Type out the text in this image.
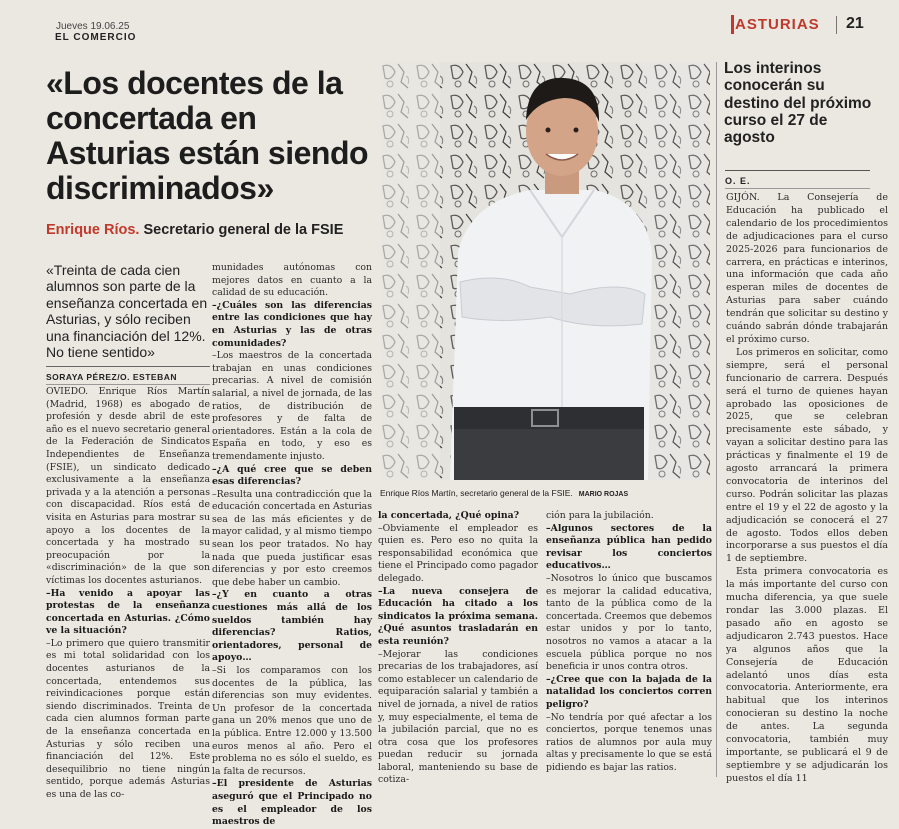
Jueves 19.06.25
EL COMERCIO
ASTURIAS 21
«Los docentes de la concertada en Asturias están siendo discriminados»
Enrique Ríos. Secretario general de la FSIE
«Treinta de cada cien alumnos son parte de la enseñanza concertada en Asturias, y sólo reciben una financiación del 12%. No tiene sentido»
SORAYA PÉREZ/O. ESTEBAN

OVIEDO. Enrique Ríos Martín (Madrid, 1968) es abogado de profesión y desde abril de este año es el nuevo secretario general de la Federación de Sindicatos Independientes de Enseñanza (FSIE), un sindicato dedicado exclusivamente a la enseñanza privada y a la atención a personas con discapacidad. Ríos está de visita en Asturias para mostrar su apoyo a los docentes de la concertada y ha mostrado su preocupación por la «discriminación» de la que son víctimas los docentes asturianos.

–Ha venido a apoyar las protestas de la enseñanza concertada en Asturias. ¿Cómo ve la situación?

–Lo primero que quiero transmitir es mi total solidaridad con los docentes asturianos de la concertada, entendemos sus reivindicaciones porque están siendo discriminados. Treinta de cada cien alumnos forman parte de la enseñanza concertada en Asturias y sólo reciben una financiación del 12%. Este desequilibrio no tiene ningún sentido, porque además Asturias es una de las co-

munidades autónomas con mejores datos en cuanto a la calidad de su educación.

–¿Cuáles son las diferencias entre las condiciones que hay en Asturias y las de otras comunidades?

–Los maestros de la concertada trabajan en unas condiciones precarias. A nivel de comisión salarial, a nivel de jornada, de las ratios, de distribución de profesores y de falta de orientadores. Están a la cola de España en todo, y eso es tremendamente injusto.

–¿A qué cree que se deben esas diferencias?

–Resulta una contradicción que la educación concertada en Asturias sea de las más eficientes y de mayor calidad, y al mismo tiempo sean los peor tratados. No hay nada que pueda justificar esas diferencias y por esto creemos que debe haber un cambio.

–¿Y en cuanto a otras cuestiones más allá de los sueldos también hay diferencias? Ratios, orientadores, personal de apoyo…

–Si los comparamos con los docentes de la pública, las diferencias son muy evidentes. Un profesor de la concertada gana un 20% menos que uno de la pública. Entre 12.000 y 13.500 euros menos al año. Pero el problema no es sólo el sueldo, es la falta de recursos.

–El presidente de Asturias aseguró que el Principado no es el empleador de los maestros de

la concertada, ¿Qué opina?

–Obviamente el empleador es quien es. Pero eso no quita la responsabilidad económica que tiene el Principado como pagador delegado.

–La nueva consejera de Educación ha citado a los sindicatos la próxima semana. ¿Qué asuntos trasladarán en esta reunión?

–Mejorar las condiciones precarias de los trabajadores, así como establecer un calendario de equiparación salarial y también a nivel de jornada, a nivel de ratios y, muy especialmente, el tema de la jubilación parcial, que no es otra cosa que los profesores puedan reducir su jornada laboral, manteniendo su base de cotiza-

ción para la jubilación.

–Algunos sectores de la enseñanza pública han pedido revisar los conciertos educativos…

–Nosotros lo único que buscamos es mejorar la calidad educativa, tanto de la pública como de la concertada. Creemos que debemos estar unidos y por lo tanto, nosotros no vamos a atacar a la escuela pública porque no nos beneficia ir unos contra otros.

–¿Cree que con la bajada de la natalidad los conciertos corren peligro?

–No tendría por qué afectar a los conciertos, porque tenemos unas ratios de alumnos por aula muy altas y precisamente lo que se está pidiendo es bajar las ratios.

Enrique Ríos Martín, secretario general de la FSIE. MARIO ROJAS
Los interinos conocerán su destino del próximo curso el 27 de agosto
O. E.

GIJÓN. La Consejería de Educación ha publicado el calendario de los procedimientos de adjudicaciones para el curso 2025-2026 para funcionarios de carrera, en prácticas e interinos, una información que cada año esperan miles de docentes de Asturias para saber cuándo tendrán que solicitar su destino y cuándo sabrán dónde trabajarán el próximo curso.

Los primeros en solicitar, como siempre, será el personal funcionario de carrera. Después será el turno de quienes hayan aprobado las oposiciones de 2025, que se celebran precisamente este sábado, y vayan a solicitar destino para las prácticas y finalmente el 19 de agosto arrancará la primera convocatoria de interinos del curso. Podrán solicitar las plazas entre el 19 y el 22 de agosto y la adjudicación se conocerá el 27 de agosto. Todos ellos deben incorporarse a sus puestos el día 1 de septiembre.

Esta primera convocatoria es la más importante del curso con mucha diferencia, ya que suele rondar las 3.000 plazas. El pasado año en agosto se adjudicaron 2.743 puestos. Hace ya algunos años que la Consejería de Educación adelantó unos días esta convocatoria. Anteriormente, era habitual que los interinos conocieran su destino la noche de antes. La segunda convocatoria, también muy importante, se publicará el 9 de septiembre y se adjudicarán los puestos el día 11
